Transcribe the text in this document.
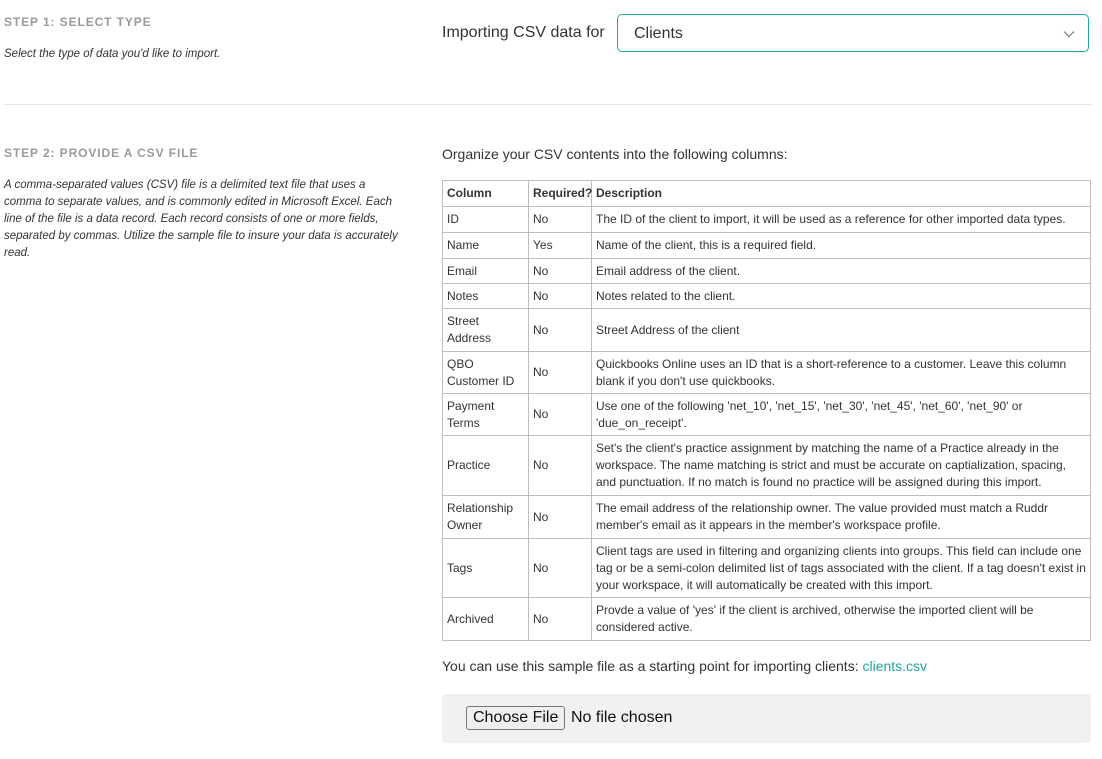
STEP 1: SELECT TYPE
Select the type of data you'd like to import.
Importing CSV data for Clients
STEP 2: PROVIDE A CSV FILE
A comma-separated values (CSV) file is a delimited text file that uses a comma to separate values, and is commonly edited in Microsoft Excel. Each line of the file is a data record. Each record consists of one or more fields, separated by commas. Utilize the sample file to insure your data is accurately read.
Organize your CSV contents into the following columns:
Column	Required?	Description
ID	No	The ID of the client to import, it will be used as a reference for other imported data types.
Name	Yes	Name of the client, this is a required field.
Email	No	Email address of the client.
Notes	No	Notes related to the client.
Street Address	No	Street Address of the client
QBO Customer ID	No	Quickbooks Online uses an ID that is a short-reference to a customer. Leave this column blank if you don't use quickbooks.
Payment Terms	No	Use one of the following 'net_10', 'net_15', 'net_30', 'net_45', 'net_60', 'net_90' or 'due_on_receipt'.
Practice	No	Set's the client's practice assignment by matching the name of a Practice already in the workspace. The name matching is strict and must be accurate on captialization, spacing, and punctuation. If no match is found no practice will be assigned during this import.
Relationship Owner	No	The email address of the relationship owner. The value provided must match a Ruddr member's email as it appears in the member's workspace profile.
Tags	No	Client tags are used in filtering and organizing clients into groups. This field can include one tag or be a semi-colon delimited list of tags associated with the client. If a tag doesn't exist in your workspace, it will automatically be created with this import.
Archived	No	Provde a value of 'yes' if the client is archived, otherwise the imported client will be considered active.
You can use this sample file as a starting point for importing clients: clients.csv
Choose File No file chosen
